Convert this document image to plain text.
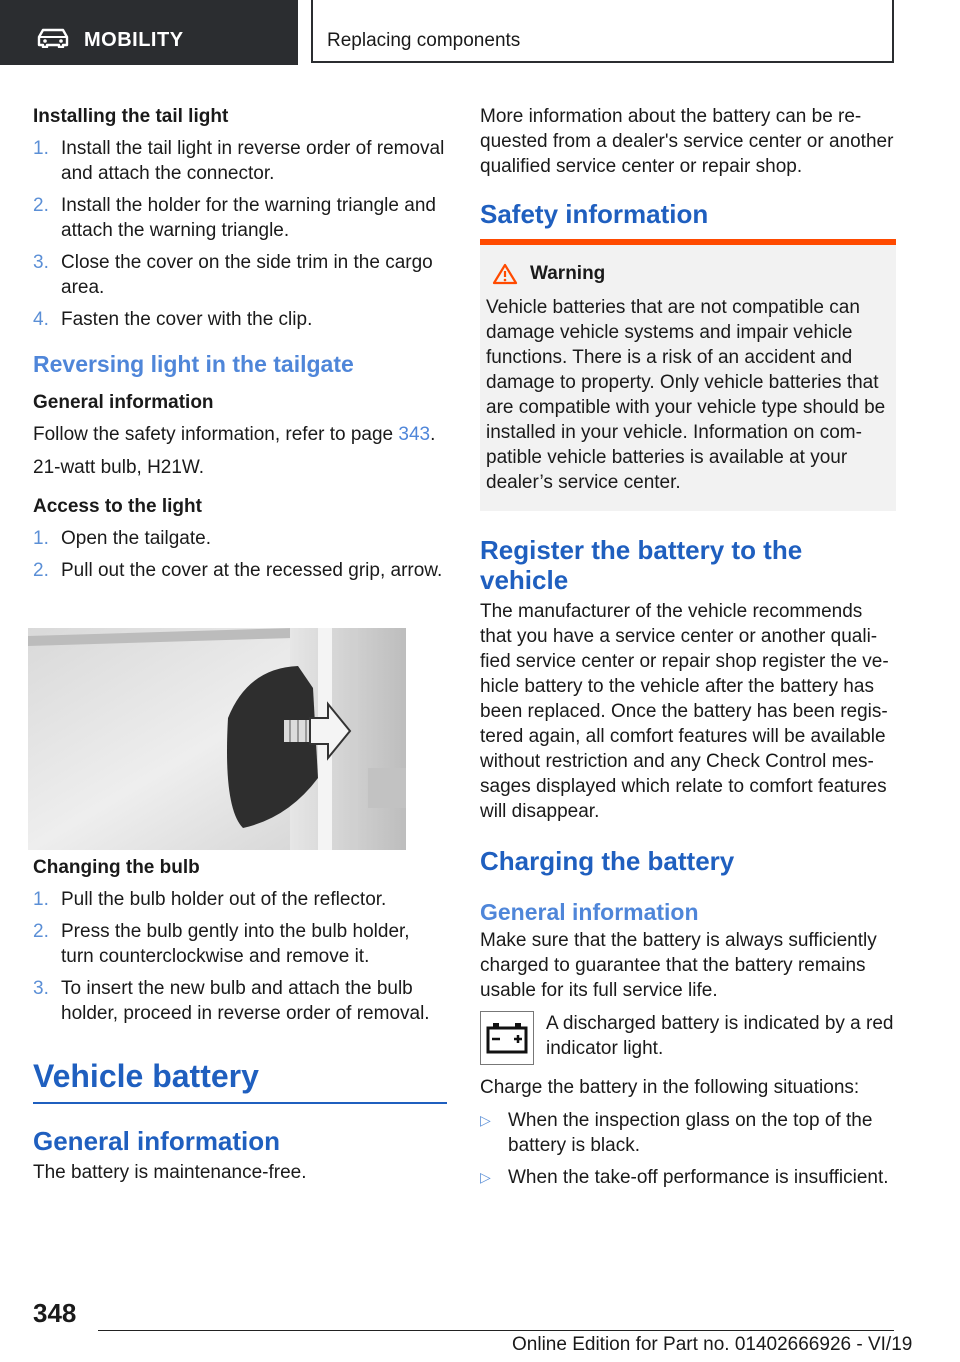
MOBILITY	Replacing components
Installing the tail light
1. Install the tail light in reverse order of removal and attach the connector.
2. Install the holder for the warning triangle and attach the warning triangle.
3. Close the cover on the side trim in the cargo area.
4. Fasten the cover with the clip.
Reversing light in the tailgate
General information
Follow the safety information, refer to page 343.
21-watt bulb, H21W.
Access to the light
1. Open the tailgate.
2. Pull out the cover at the recessed grip, arrow.
Changing the bulb
1. Pull the bulb holder out of the reflector.
2. Press the bulb gently into the bulb holder, turn counterclockwise and remove it.
3. To insert the new bulb and attach the bulb holder, proceed in reverse order of removal.
Vehicle battery
General information
The battery is maintenance-free.
More information about the battery can be re-quested from a dealer's service center or another qualified service center or repair shop.
Safety information
Warning
Vehicle batteries that are not compatible can damage vehicle systems and impair vehicle functions. There is a risk of an accident and damage to property. Only vehicle batteries that are compatible with your vehicle type should be installed in your vehicle. Information on com-patible vehicle batteries is available at your dealer’s service center.
Register the battery to the vehicle
The manufacturer of the vehicle recommends that you have a service center or another quali-fied service center or repair shop register the ve-hicle battery to the vehicle after the battery has been replaced. Once the battery has been regis-tered again, all comfort features will be available without restriction and any Check Control mes-sages displayed which relate to comfort features will disappear.
Charging the battery
General information
Make sure that the battery is always sufficiently charged to guarantee that the battery remains usable for its full service life.
A discharged battery is indicated by a red indicator light.
Charge the battery in the following situations:
▷ When the inspection glass on the top of the battery is black.
▷ When the take-off performance is insufficient.
348
Online Edition for Part no. 01402666926 - VI/19
